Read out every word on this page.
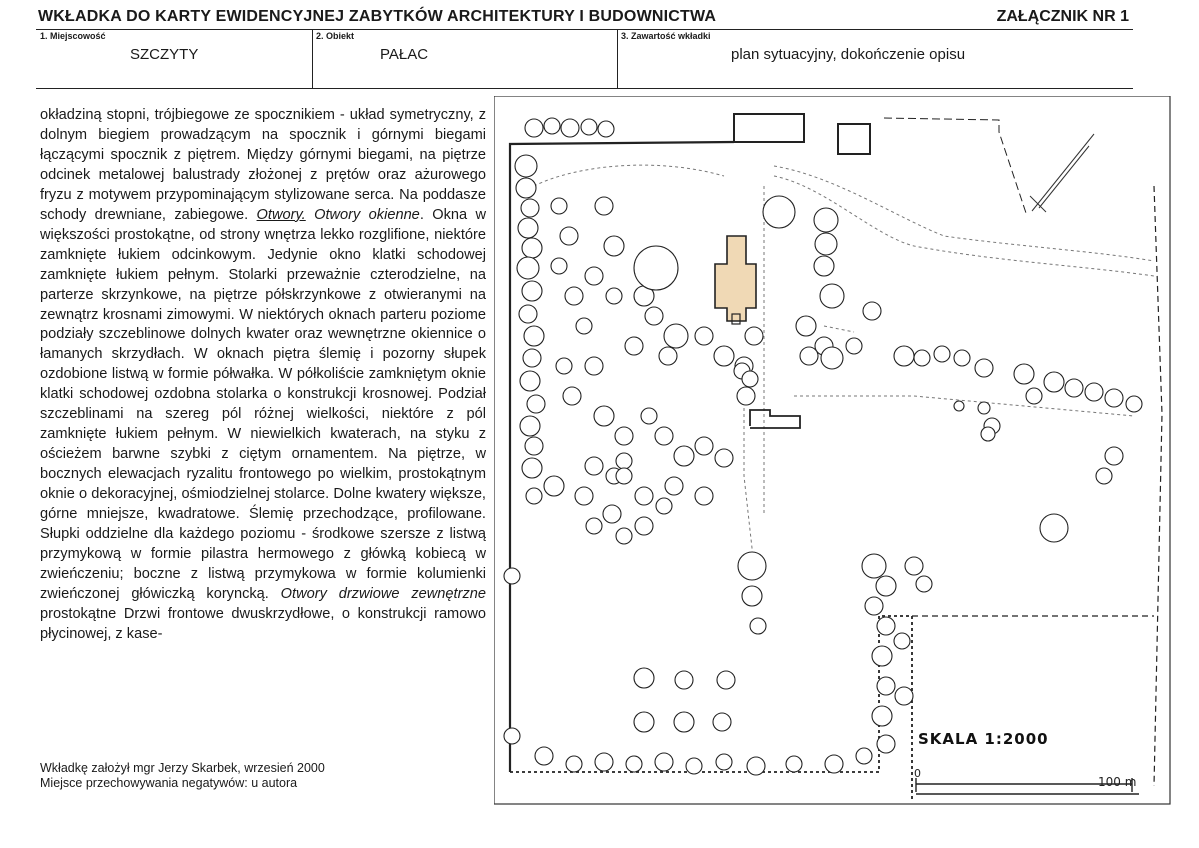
WKŁADKA DO KARTY EWIDENCYJNEJ ZABYTKÓW ARCHITEKTURY I BUDOWNICTWA	ZAŁĄCZNIK NR 1
1. Miejscowość
SZCZYTY
2. Obiekt
PAŁAC
3. Zawartość wkładki
plan sytuacyjny, dokończenie opisu
okładziną stopni, trójbiegowe ze spocznikiem - układ symetryczny, z dolnym biegiem prowadzącym na spocznik i górnymi biegami łączącymi spocznik z piętrem. Między górnymi biegami, na piętrze odcinek metalowej balustrady złożonej z prętów oraz ażurowego fryzu z motywem przypominającym stylizowane serca. Na poddasze schody drewniane, zabiegowe. Otwory. Otwory okienne. Okna w większości prostokątne, od strony wnętrza lekko rozglifione, niektóre zamknięte łukiem odcinkowym. Jedynie okno klatki schodowej zamknięte łukiem pełnym. Stolarki przeważnie czterodzielne, na parterze skrzynkowe, na piętrze półskrzynkowe z otwieranymi na zewnątrz krosnami zimowymi. W niektórych oknach parteru poziome podziały szczeblinowe dolnych kwater oraz wewnętrzne okiennice o łamanych skrzydłach. W oknach piętra ślemię i pozorny słupek ozdobione listwą w formie półwałka. W półkoliście zamkniętym oknie klatki schodowej ozdobna stolarka o konstrukcji krosnowej. Podział szczeblinami na szereg pól różnej wielkości, niektóre z pól zamknięte łukiem pełnym. W niewielkich kwaterach, na styku z ościeżem barwne szybki z ciętym ornamentem. Na piętrze, w bocznych elewacjach ryzalitu frontowego po wielkim, prostokątnym oknie o dekoracyjnej, ośmiodzielnej stolarce. Dolne kwatery większe, górne mniejsze, kwadratowe. Ślemię przechodzące, profilowane. Słupki oddzielne dla każdego poziomu - środkowe szersze z listwą przymykową w formie pilastra hermowego z główką kobiecą w zwieńczeniu; boczne z listwą przymykowa w formie kolumienki zwieńczonej główiczką koryncką. Otwory drzwiowe zewnętrzne prostokątne Drzwi frontowe dwuskrzydłowe, o konstrukcji ramowo płycinowej, z kase-
Wkładkę założył mgr Jerzy Skarbek, wrzesień 2000
Miejsce przechowywania negatywów: u autora
SKALA 1:2000
0
100 m
